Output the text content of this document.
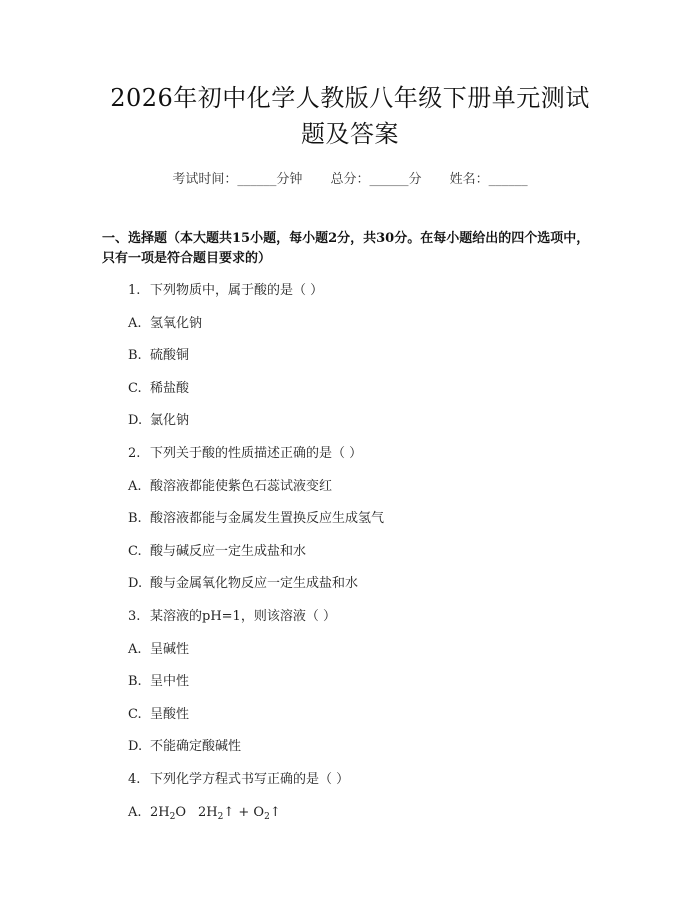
2026年初中化学人教版八年级下册单元测试
题及答案
考试时间：______分钟 总分：______分 姓名：______
一、选择题（本大题共15小题，每小题2分，共30分。在每小题给出的四个选项中，只有一项是符合题目要求的）
1. 下列物质中，属于酸的是（ ）
A. 氢氧化钠
B. 硫酸铜
C. 稀盐酸
D. 氯化钠
2. 下列关于酸的性质描述正确的是（ ）
A. 酸溶液都能使紫色石蕊试液变红
B. 酸溶液都能与金属发生置换反应生成氢气
C. 酸与碱反应一定生成盐和水
D. 酸与金属氧化物反应一定生成盐和水
3. 某溶液的pH=1，则该溶液（ ）
A. 呈碱性
B. 呈中性
C. 呈酸性
D. 不能确定酸碱性
4. 下列化学方程式书写正确的是（ ）
A. $2H_2O$ $2H_2↑$ + $O_2↑$
